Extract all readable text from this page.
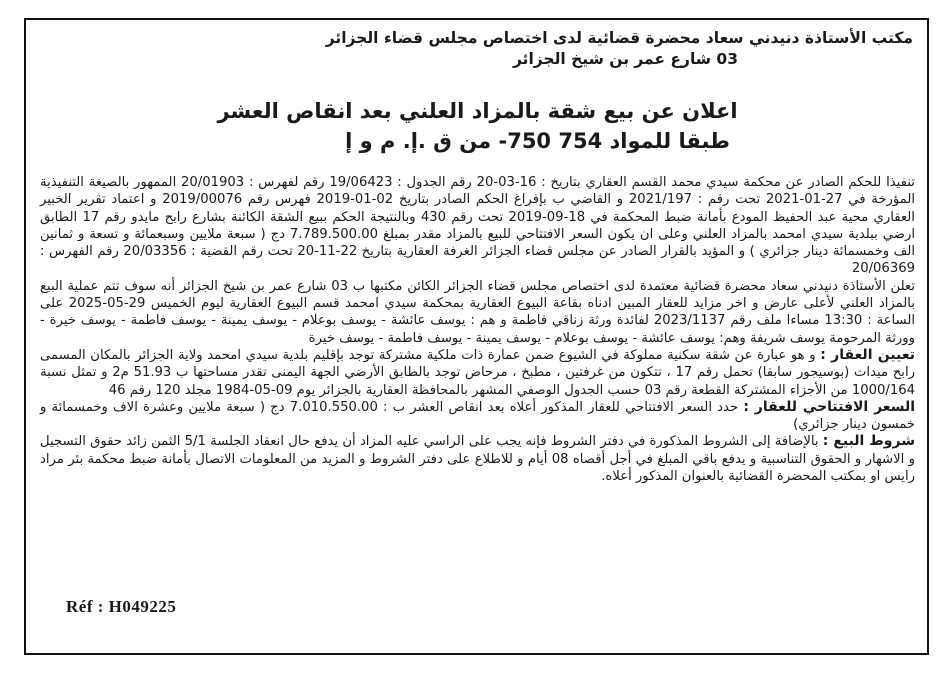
مكتب الأستاذة دنيدني سعاد محضرة قضائية لدى اختصاص مجلس قضاء الجزائر
03 شارع عمر بن شيخ الجزائر
اعلان عن بيع شقة بالمزاد العلني بعد انقاص العشر
طبقا للمواد 754 750- من ق .إ. م و إ

تنفيذا للحكم الصادر عن محكمة سيدي محمد القسم العقاري بتاريخ : 16-03-20 رقم الجدول : 19/06423 رقم لفهرس : 20/01903 الممهور بالصيغة التنفيذية المؤرخة في 27-01-2021 تحت رقم : 2021/197 و القاضي ب بإفراغ الحكم الصادر بتاريخ 02-01-2019 فهرس رقم 2019/00076 و اعتماد تقرير الخبير العقاري محية عبد الحفيظ المودع بأمانة ضبط المحكمة في 18-09-2019 تحت رقم 430 وبالنتيجة الحكم ببيع الشقة الكائنة بشارع رابح مايدو رقم 17 الطابق ارضي ببلدية سيدي امحمد بالمزاد العلني وعلى ان يكون السعر الافتتاحي للبيع بالمزاد مقدر بمبلغ 7.789.500.00 دج ( سبعة ملايين وسبعمائة و تسعة و ثمانين الف وخمسمائة دينار جزائري ) و المؤيد بالقرار الصادر عن مجلس قضاء الجزائر الغرفة العقارية بتاريخ 22-11-20 تحت رقم القضية : 20/03356 رقم الفهرس : 20/06369

تعلن الأستاذة دنيدني سعاد محضرة قضائية معتمدة لدى اختصاص مجلس قضاء الجزائر الكائن مكتبها ب 03 شارع عمر بن شيخ الجزائر أنه سوف تتم عملية البيع بالمزاد العلني لأعلى عارض و اخر مزايد للعقار المبين ادناه بقاعة البيوع العقارية بمحكمة سيدي امحمد قسم البيوع العقارية ليوم الخميس 29-05-2025 على الساعة : 13:30 مساءا ملف رقم 2023/1137 لفائدة ورثة زناقي فاطمة و هم : يوسف عائشة - يوسف بوعلام - يوسف يمينة - يوسف فاطمة - يوسف خيرة - وورثة المرحومة يوسف شريفة وهم: يوسف عائشة - يوسف بوعلام - يوسف يمينة - يوسف فاطمة - يوسف خيرة

تعيين العقار : و هو عبارة عن شقة سكنية مملوكة في الشيوع ضمن عمارة ذات ملكية مشتركة توجد بإقليم بلدية سيدي امحمد ولاية الجزائر بالمكان المسمى رابح ميدات (بوسيجور سابقا) تحمل رقم 17 ، تتكون من غرفتين ، مطبخ ، مرحاض توجد بالطابق الأرضي الجهة اليمنى تقدر مساحتها ب 51.93 م2 و تمثل نسبة 1000/164 من الأجزاء المشتركة القطعة رقم 03 حسب الجدول الوصفي المشهر بالمحافظة العقارية بالجزائر يوم 09-05-1984 مجلد 120 رقم 46

السعر الافتتاحي للعقار : حدد السعر الافتتاحي للعقار المذكور أعلاه بعد انقاص العشر ب : 7.010.550.00 دج ( سبعة ملايين وعشرة الاف وخمسمائة و خمسون دينار جزائري)

شروط البيع : بالإضافة إلى الشروط المذكورة في دفتر الشروط فإنه يجب على الراسي عليه المزاد أن يدفع حال انعقاد الجلسة 5/1 الثمن زائد حقوق التسجيل و الاشهار و الحقوق التناسبية و يدفع باقي المبلغ في أجل أقصاه 08 أيام و للاطلاع على دفتر الشروط و المزيد من المعلومات الاتصال بأمانة ضبط محكمة بئر مراد رايس او بمكتب المحضرة القضائية بالعنوان المذكور أعلاه.

Réf : H049225
